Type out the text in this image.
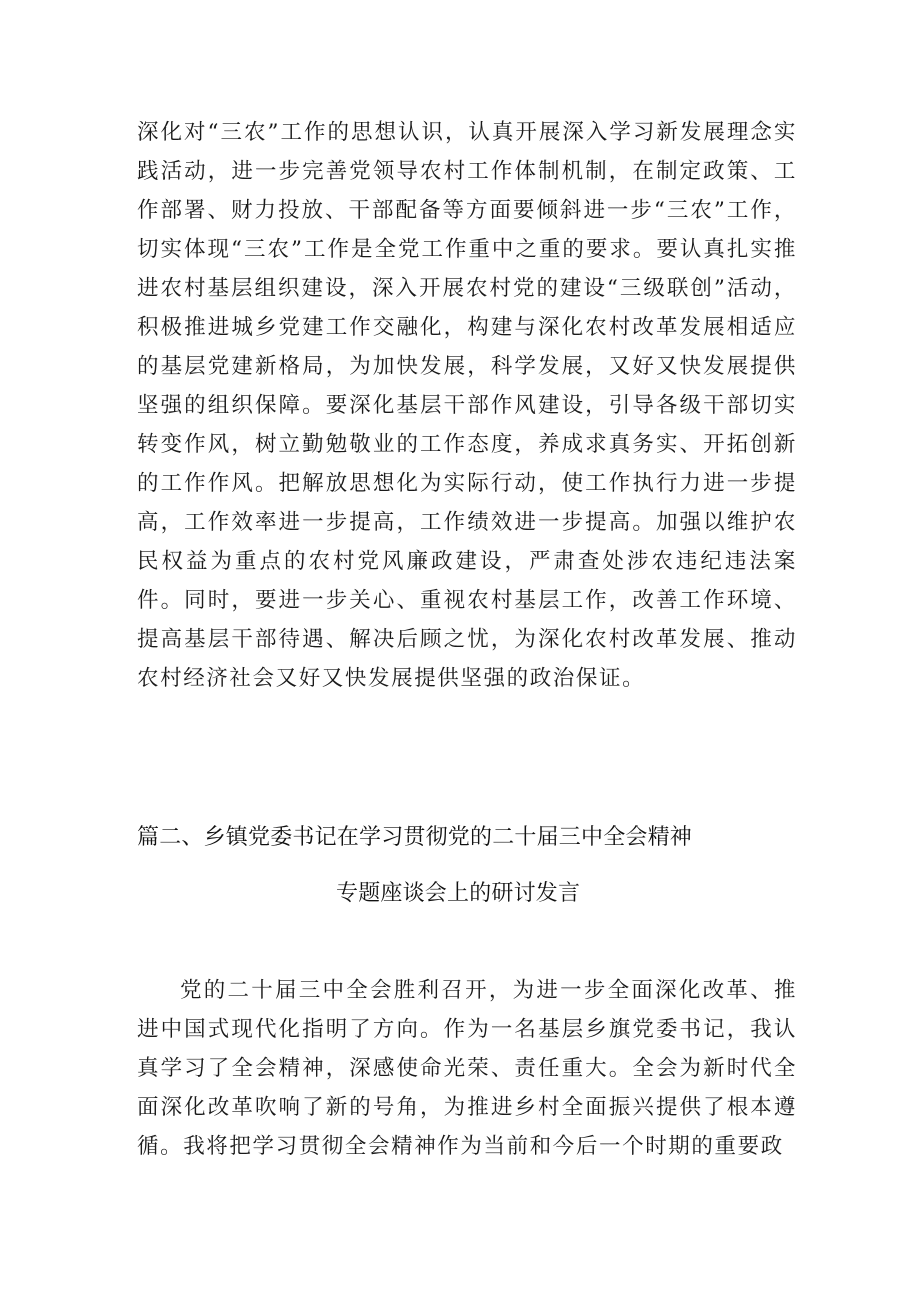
深化对“三农”工作的思想认识，认真开展深入学习新发展理念实践活动，进一步完善党领导农村工作体制机制，在制定政策、工作部署、财力投放、干部配备等方面要倾斜进一步“三农”工作，切实体现“三农”工作是全党工作重中之重的要求。要认真扎实推进农村基层组织建设，深入开展农村党的建设“三级联创”活动，积极推进城乡党建工作交融化，构建与深化农村改革发展相适应的基层党建新格局，为加快发展，科学发展，又好又快发展提供坚强的组织保障。要深化基层干部作风建设，引导各级干部切实转变作风，树立勤勉敬业的工作态度，养成求真务实、开拓创新的工作作风。把解放思想化为实际行动，使工作执行力进一步提高，工作效率进一步提高，工作绩效进一步提高。加强以维护农民权益为重点的农村党风廉政建设，严肃查处涉农违纪违法案件。同时，要进一步关心、重视农村基层工作，改善工作环境、提高基层干部待遇、解决后顾之忧，为深化农村改革发展、推动农村经济社会又好又快发展提供坚强的政治保证。

篇二、乡镇党委书记在学习贯彻党的二十届三中全会精神
专题座谈会上的研讨发言

党的二十届三中全会胜利召开，为进一步全面深化改革、推进中国式现代化指明了方向。作为一名基层乡旗党委书记，我认真学习了全会精神，深感使命光荣、责任重大。全会为新时代全面深化改革吹响了新的号角，为推进乡村全面振兴提供了根本遵循。我将把学习贯彻全会精神作为当前和今后一个时期的重要政
